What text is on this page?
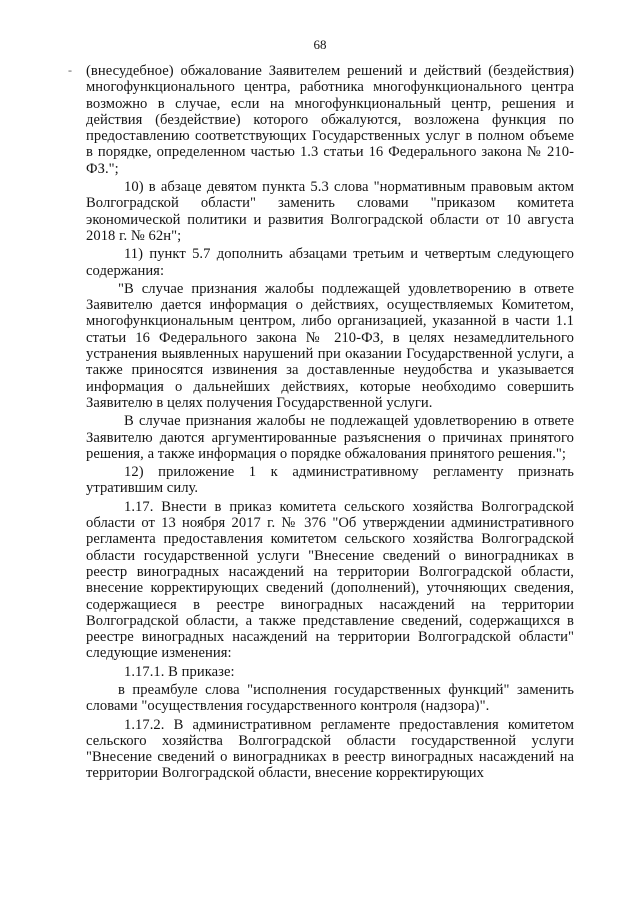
68
- (внесудебное) обжалование Заявителем решений и действий (бездействия) многофункционального центра, работника многофункционального центра возможно в случае, если на многофункциональный центр, решения и действия (бездействие) которого обжалуются, возложена функция по предоставлению соответствующих Государственных услуг в полном объеме в порядке, определенном частью 1.3 статьи 16 Федерального закона № 210-ФЗ.";

10) в абзаце девятом пункта 5.3 слова "нормативным правовым актом Волгоградской области" заменить словами "приказом комитета экономической политики и развития Волгоградской области от 10 августа 2018 г. № 62н";

11) пункт 5.7 дополнить абзацами третьим и четвертым следующего содержания:

"В случае признания жалобы подлежащей удовлетворению в ответе Заявителю дается информация о действиях, осуществляемых Комитетом, многофункциональным центром, либо организацией, указанной в части 1.1 статьи 16 Федерального закона № 210-ФЗ, в целях незамедлительного устранения выявленных нарушений при оказании Государственной услуги, а также приносятся извинения за доставленные неудобства и указывается информация о дальнейших действиях, которые необходимо совершить Заявителю в целях получения Государственной услуги.

В случае признания жалобы не подлежащей удовлетворению в ответе Заявителю даются аргументированные разъяснения о причинах принятого решения, а также информация о порядке обжалования принятого решения.";

12) приложение 1 к административному регламенту признать утратившим силу.

1.17. Внести в приказ комитета сельского хозяйства Волгоградской области от 13 ноября 2017 г. № 376 "Об утверждении административного регламента предоставления комитетом сельского хозяйства Волгоградской области государственной услуги "Внесение сведений о виноградниках в реестр виноградных насаждений на территории Волгоградской области, внесение корректирующих сведений (дополнений), уточняющих сведения, содержащиеся в реестре виноградных насаждений на территории Волгоградской области, а также представление сведений, содержащихся в реестре виноградных насаждений на территории Волгоградской области" следующие изменения:

1.17.1. В приказе:

в преамбуле слова "исполнения государственных функций" заменить словами "осуществления государственного контроля (надзора)".

1.17.2. В административном регламенте предоставления комитетом сельского хозяйства Волгоградской области государственной услуги "Внесение сведений о виноградниках в реестр виноградных насаждений на территории Волгоградской области, внесение корректирующих
